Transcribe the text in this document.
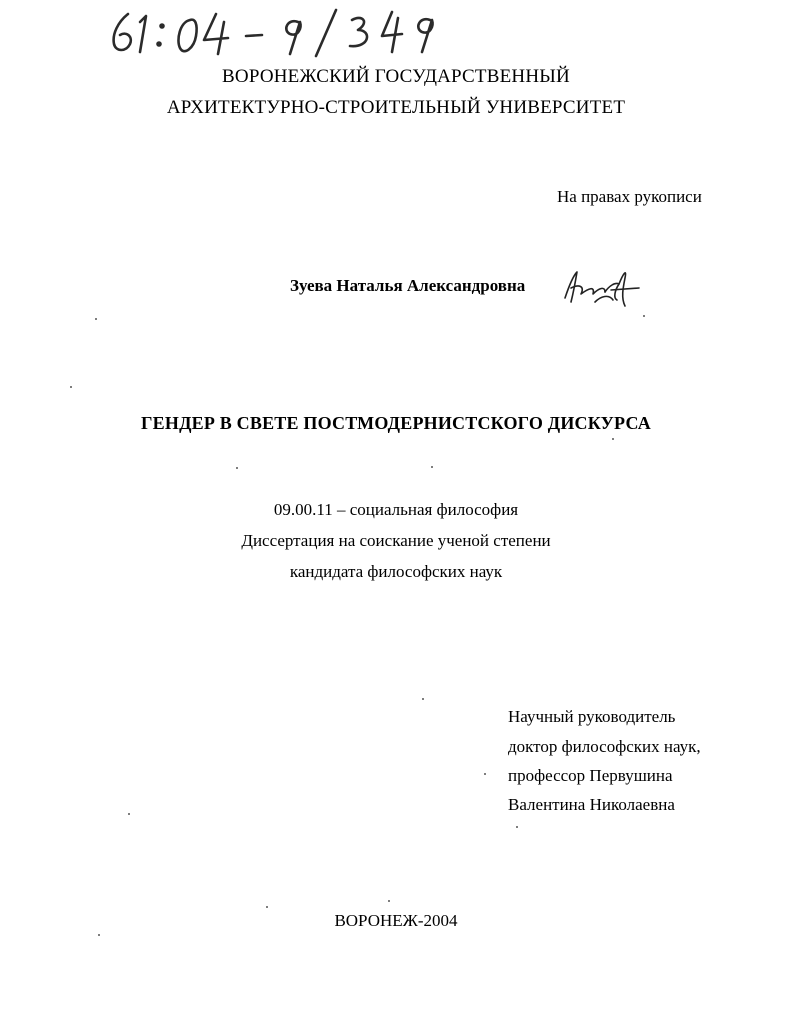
ВОРОНЕЖСКИЙ ГОСУДАРСТВЕННЫЙ

АРХИТЕКТУРНО-СТРОИТЕЛЬНЫЙ УНИВЕРСИТЕТ

На правах рукописи

Зуева Наталья Александровна

ГЕНДЕР В СВЕТЕ ПОСТМОДЕРНИСТСКОГО ДИСКУРСА

09.00.11 – социальная философия

Диссертация на соискание ученой степени

кандидата философских наук

Научный руководитель

доктор философских наук,

профессор Первушина

Валентина Николаевна

ВОРОНЕЖ-2004
